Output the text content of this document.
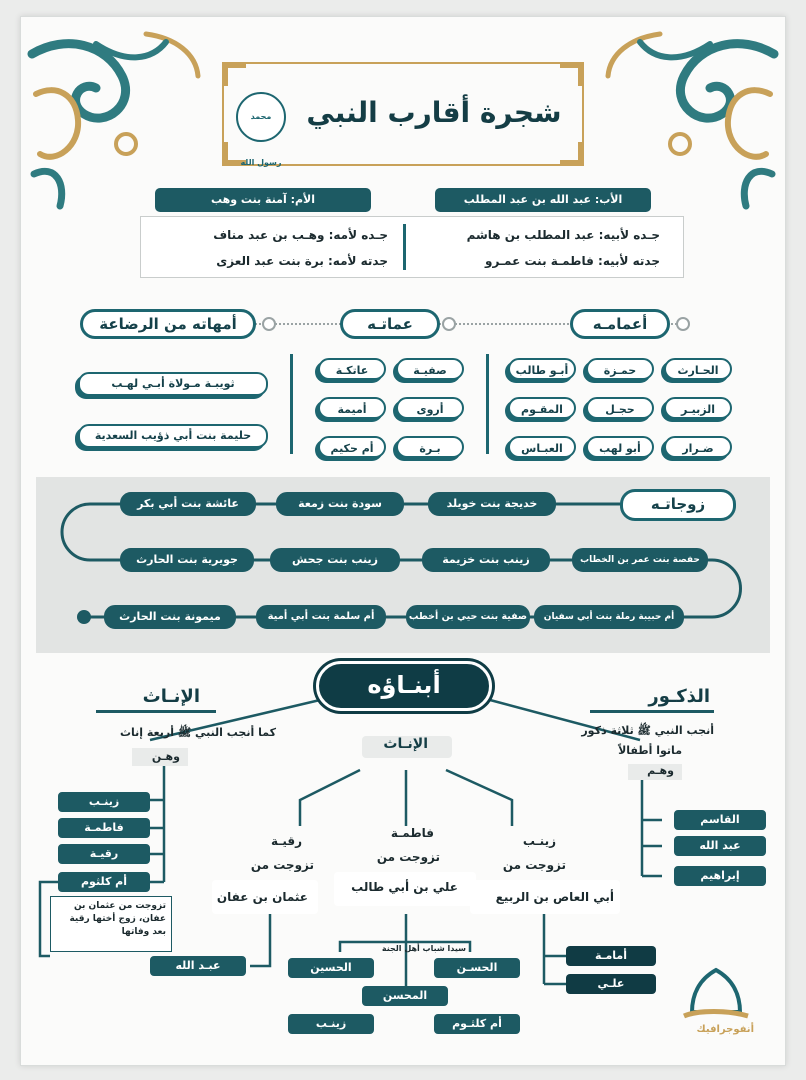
محمد رسول الله
شجرة أقارب النبي
الأب: عبد الله بن عبد المطلب
الأم: آمنة بنت وهب
جـده لأبيه: عبد المطلب بن هاشم
جدته لأبيه: فاطمـة بنت عمـرو
جـده لأمه: وهـب بن عبد مناف
جدته لأمه: برة بنت عبد العزى
أعمامـه
عماتـه
أمهاته من الرضاعة
الحـارث
حمـزة
أبـو طالب
الزبيـر
حجـل
المقـوم
ضـرار
أبو لهب
العبـاس
صفيـة
عاتكـة
أروى
أميمة
بـرة
أم حكيم
ثويبـة مـولاة أبـي لهـب
حليمة بنت أبي ذؤيب السعدية
زوجاتـه
خديجة بنت خويلد
سودة بنت زمعة
عائشة بنت أبي بكر
حفصة بنت عمر بن الخطاب
زينب بنت خزيمة
زينب بنت جحش
جويرية بنت الحارث
أم حبيبة رملة بنت أبي سفيان
صفية بنت حيي بن أخطب
أم سلمة بنت أبي أمية
ميمونة بنت الحارث
أبنـاؤه	الذكـور
أنجب النبي ﷺ ثلاثة ذكور
ماتوا أطفالاً
وهـم
القاسم
عبد الله
إبراهيم
الإنـاث
كما أنجب النبي ﷺ أربعة إناث
وهـن
زينـب
فاطمـة
رقيـة
أم كلثوم
تزوجت من عثمان بن عفان، زوج أختها رقية بعد وفاتها
الإنـاث
زينـب
تزوجت من
أبي العاص بن الربيع
أمامـة
علـي
فاطمـة
تزوجت من
علي بن أبي طالب
سيدا شباب أهل الجنة
الحسـن
الحسين
المحسن
أم كلثـوم
زينـب
رقيـة
تزوجت من
عثمان بن عفان
عبـد الله
أنفوجرافيك
